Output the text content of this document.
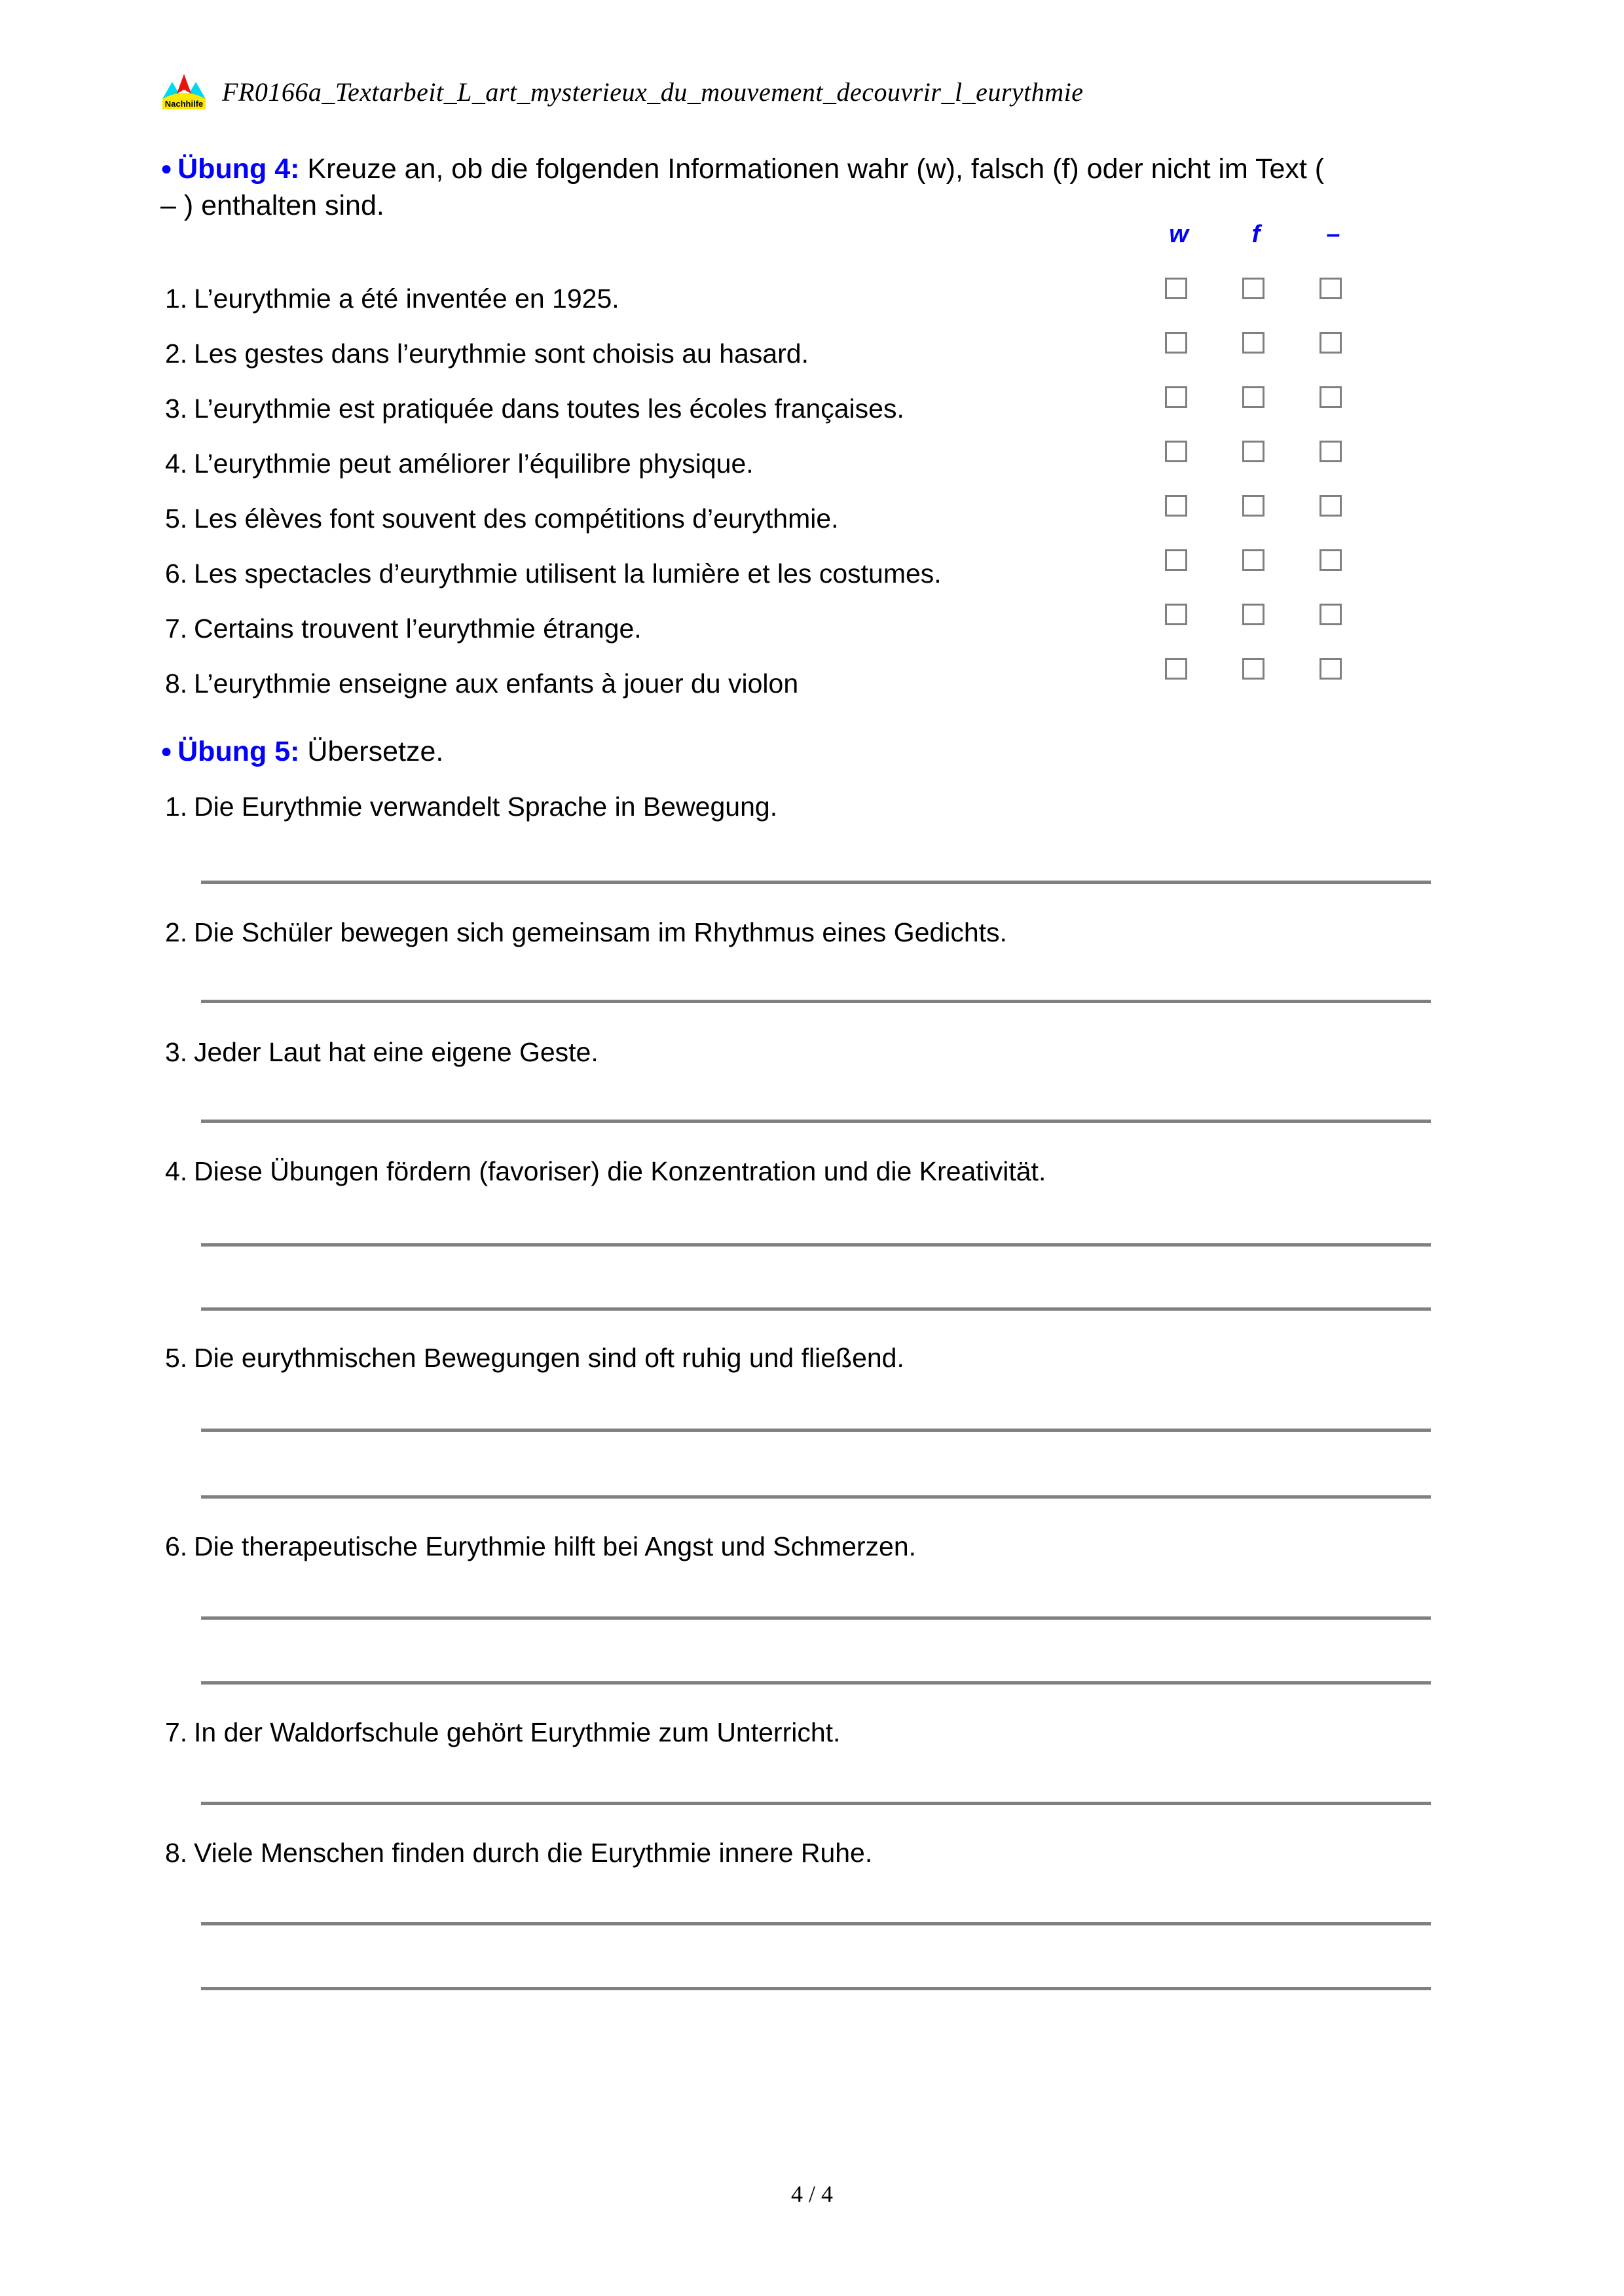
Nachhilfe FR0166a_Textarbeit_L_art_mysterieux_du_mouvement_decouvrir_l_eurythmie
● Übung 4: Kreuze an, ob die folgenden Informationen wahr (w), falsch (f) oder nicht im Text ( – ) enthalten sind.
w	f	–
1. L’eurythmie a été inventée en 1925.
2. Les gestes dans l’eurythmie sont choisis au hasard.
3. L’eurythmie est pratiquée dans toutes les écoles françaises.
4. L’eurythmie peut améliorer l’équilibre physique.
5. Les élèves font souvent des compétitions d’eurythmie.
6. Les spectacles d’eurythmie utilisent la lumière et les costumes.
7. Certains trouvent l’eurythmie étrange.
8. L’eurythmie enseigne aux enfants à jouer du violon
● Übung 5: Übersetze.
1. Die Eurythmie verwandelt Sprache in Bewegung.
2. Die Schüler bewegen sich gemeinsam im Rhythmus eines Gedichts.
3. Jeder Laut hat eine eigene Geste.
4. Diese Übungen fördern (favoriser) die Konzentration und die Kreativität.
5. Die eurythmischen Bewegungen sind oft ruhig und fließend.
6. Die therapeutische Eurythmie hilft bei Angst und Schmerzen.
7. In der Waldorfschule gehört Eurythmie zum Unterricht.
8. Viele Menschen finden durch die Eurythmie innere Ruhe.
4 / 4
